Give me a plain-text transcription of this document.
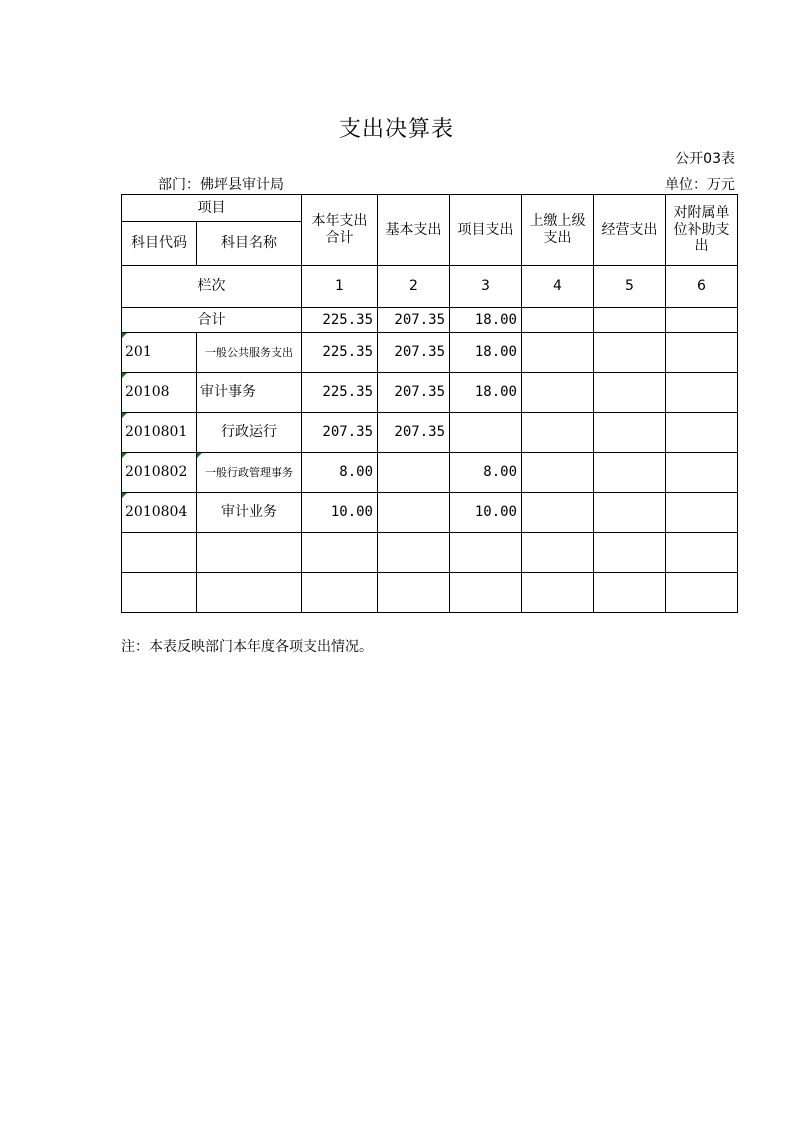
支出决算表
公开03表
部门：佛坪县审计局	单位：万元
项目		本年支出合计	基本支出	项目支出	上缴上级支出	经营支出	对附属单位补助支出

科目代码	科目名称						
栏次		1	2	3	4	5	6
合计		225.35	207.35	18.00			
201	一般公共服务支出	225.35	207.35	18.00			
20108	审计事务	225.35	207.35	18.00			
2010801	行政运行	207.35	207.35				
2010802	一般行政管理事务	8.00		8.00			
2010804	审计业务	10.00		10.00			

注：本表反映部门本年度各项支出情况。
